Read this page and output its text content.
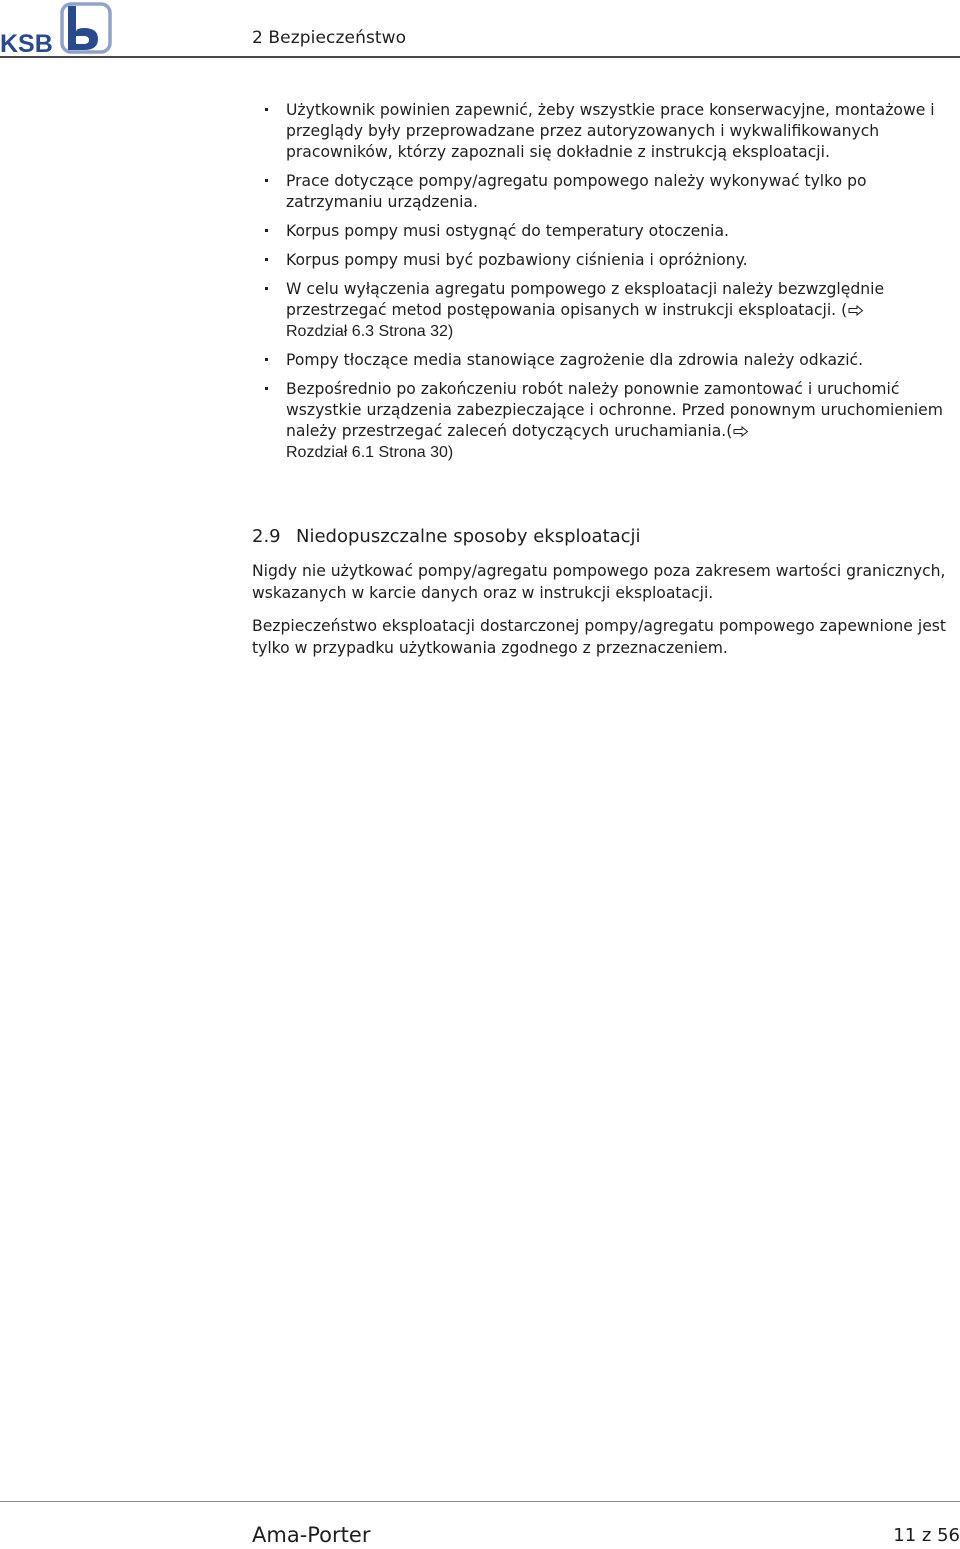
KSB	2 Bezpieczeństwo
Użytkownik powinien zapewnić, żeby wszystkie prace konserwacyjne, montażowe i przeglądy były przeprowadzane przez autoryzowanych i wykwalifikowanych pracowników, którzy zapoznali się dokładnie z instrukcją eksploatacji.
Prace dotyczące pompy/agregatu pompowego należy wykonywać tylko po zatrzymaniu urządzenia.
Korpus pompy musi ostygnąć do temperatury otoczenia.
Korpus pompy musi być pozbawiony ciśnienia i opróżniony.
W celu wyłączenia agregatu pompowego z eksploatacji należy bezwzględnie przestrzegać metod postępowania opisanych w instrukcji eksploatacji. (
Rozdział 6.3 Strona 32)
Pompy tłoczące media stanowiące zagrożenie dla zdrowia należy odkazić.
Bezpośrednio po zakończeniu robót należy ponownie zamontować i uruchomić wszystkie urządzenia zabezpieczające i ochronne. Przed ponownym uruchomieniem należy przestrzegać zaleceń dotyczących uruchamiania.(
Rozdział 6.1 Strona 30)
2.9 Niedopuszczalne sposoby eksploatacji

Nigdy nie użytkować pompy/agregatu pompowego poza zakresem wartości granicznych, wskazanych w karcie danych oraz w instrukcji eksploatacji.

Bezpieczeństwo eksploatacji dostarczonej pompy/agregatu pompowego zapewnione jest tylko w przypadku użytkowania zgodnego z przeznaczeniem.

Ama-Porter	11 z 56
